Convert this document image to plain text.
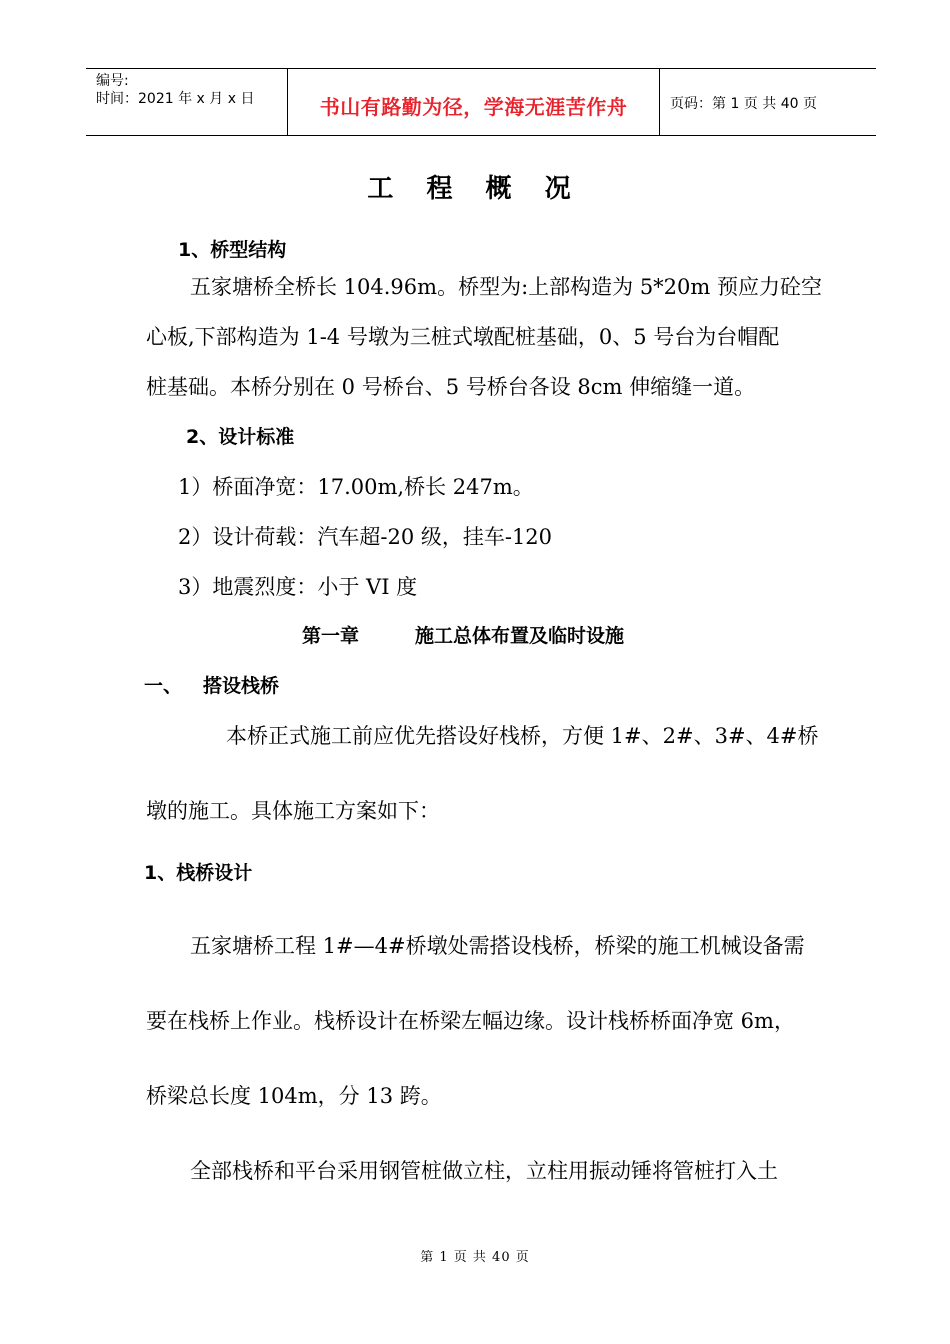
编号:
时间：2021 年 x 月 x 日	书山有路勤为径，学海无涯苦作舟	页码：第 1 页 共 40 页
工 程 概 况
1、桥型结构
五家塘桥全桥长 104.96m。桥型为:上部构造为 5*20m 预应力砼空
心板,下部构造为 1-4 号墩为三桩式墩配桩基础，0、5 号台为台帽配
桩基础。本桥分别在 0 号桥台、5 号桥台各设 8cm 伸缩缝一道。
2、设计标准
1）桥面净宽：17.00m,桥长 247m。
2）设计荷载：汽车超-20 级，挂车-120
3）地震烈度：小于 VI 度
第一章	施工总体布置及临时设施
一、 搭设栈桥
本桥正式施工前应优先搭设好栈桥，方便 1#、2#、3#、4#桥
墩的施工。具体施工方案如下：
1、栈桥设计
五家塘桥工程 1#—4#桥墩处需搭设栈桥，桥梁的施工机械设备需
要在栈桥上作业。栈桥设计在桥梁左幅边缘。设计栈桥桥面净宽 6m，
桥梁总长度 104m，分 13 跨。
全部栈桥和平台采用钢管桩做立柱，立柱用振动锤将管桩打入土
第 1 页 共 40 页
